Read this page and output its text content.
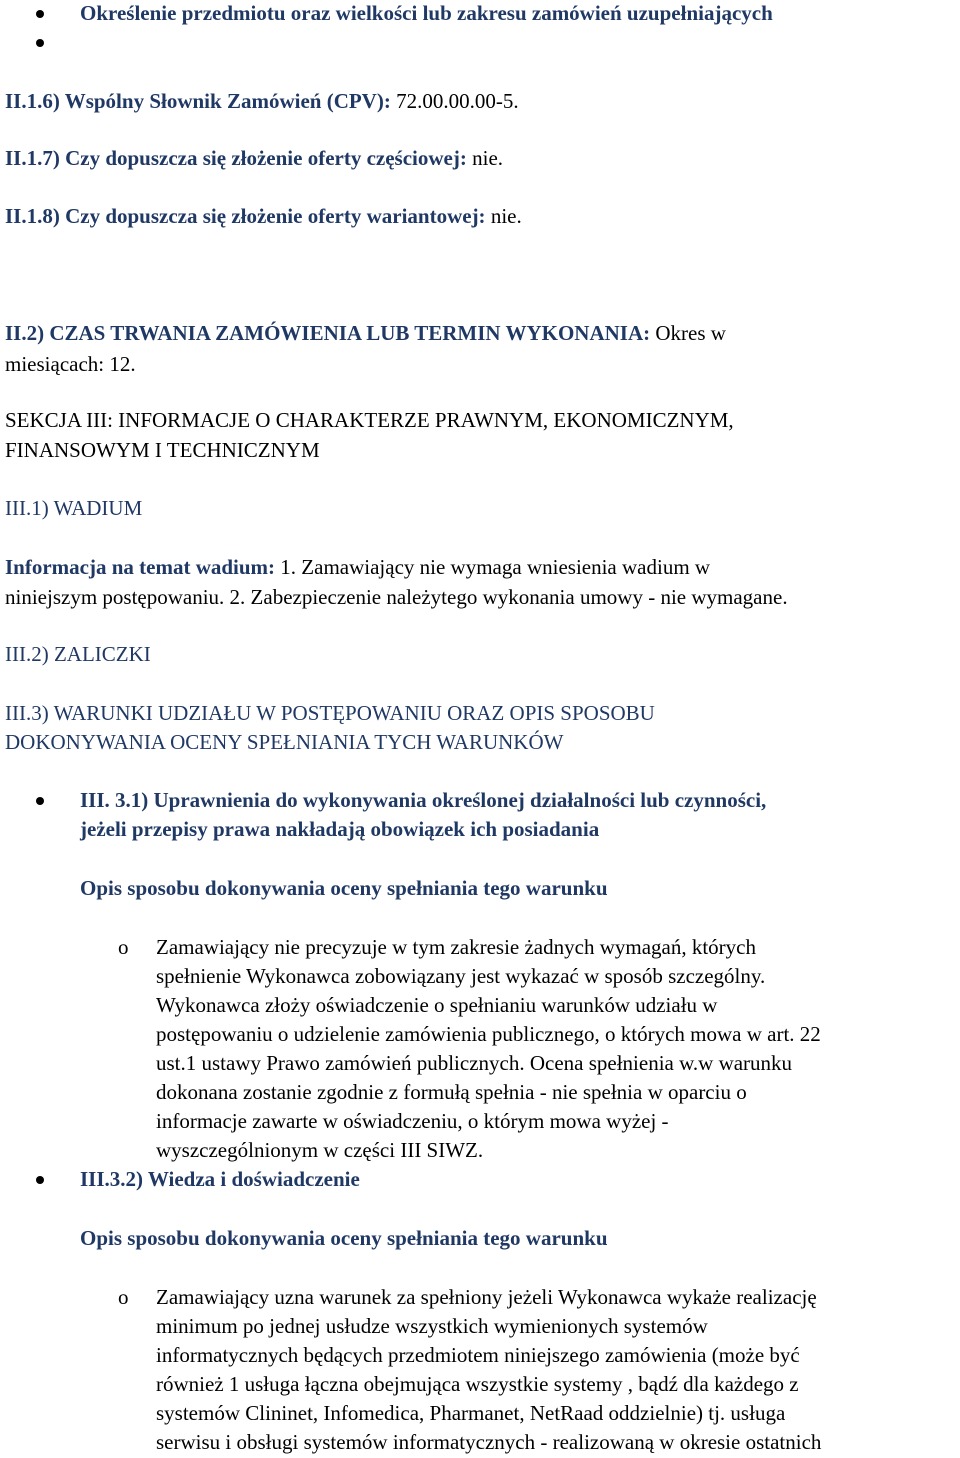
Określenie przedmiotu oraz wielkości lub zakresu zamówień uzupełniających
II.1.6) Wspólny Słownik Zamówień (CPV): 72.00.00.00-5.
II.1.7) Czy dopuszcza się złożenie oferty częściowej: nie.
II.1.8) Czy dopuszcza się złożenie oferty wariantowej: nie.
II.2) CZAS TRWANIA ZAMÓWIENIA LUB TERMIN WYKONANIA: Okres w
miesiącach: 12.
SEKCJA III: INFORMACJE O CHARAKTERZE PRAWNYM, EKONOMICZNYM,
FINANSOWYM I TECHNICZNYM
III.1) WADIUM
Informacja na temat wadium: 1. Zamawiający nie wymaga wniesienia wadium w
niniejszym postępowaniu. 2. Zabezpieczenie należytego wykonania umowy - nie wymagane.
III.2) ZALICZKI
III.3) WARUNKI UDZIAŁU W POSTĘPOWANIU ORAZ OPIS SPOSOBU
DOKONYWANIA OCENY SPEŁNIANIA TYCH WARUNKÓW
III. 3.1) Uprawnienia do wykonywania określonej działalności lub czynności,
jeżeli przepisy prawa nakładają obowiązek ich posiadania
Opis sposobu dokonywania oceny spełniania tego warunku
o Zamawiający nie precyzuje w tym zakresie żadnych wymagań, których
spełnienie Wykonawca zobowiązany jest wykazać w sposób szczególny.
Wykonawca złoży oświadczenie o spełnianiu warunków udziału w
postępowaniu o udzielenie zamówienia publicznego, o których mowa w art. 22
ust.1 ustawy Prawo zamówień publicznych. Ocena spełnienia w.w warunku
dokonana zostanie zgodnie z formułą spełnia - nie spełnia w oparciu o
informacje zawarte w oświadczeniu, o którym mowa wyżej -
wyszczególnionym w części III SIWZ.
III.3.2) Wiedza i doświadczenie
Opis sposobu dokonywania oceny spełniania tego warunku
o Zamawiający uzna warunek za spełniony jeżeli Wykonawca wykaże realizację
minimum po jednej usłudze wszystkich wymienionych systemów
informatycznych będących przedmiotem niniejszego zamówienia (może być
również 1 usługa łączna obejmująca wszystkie systemy , bądź dla każdego z
systemów Clininet, Infomedica, Pharmanet, NetRaad oddzielnie) tj. usługa
serwisu i obsługi systemów informatycznych - realizowaną w okresie ostatnich
